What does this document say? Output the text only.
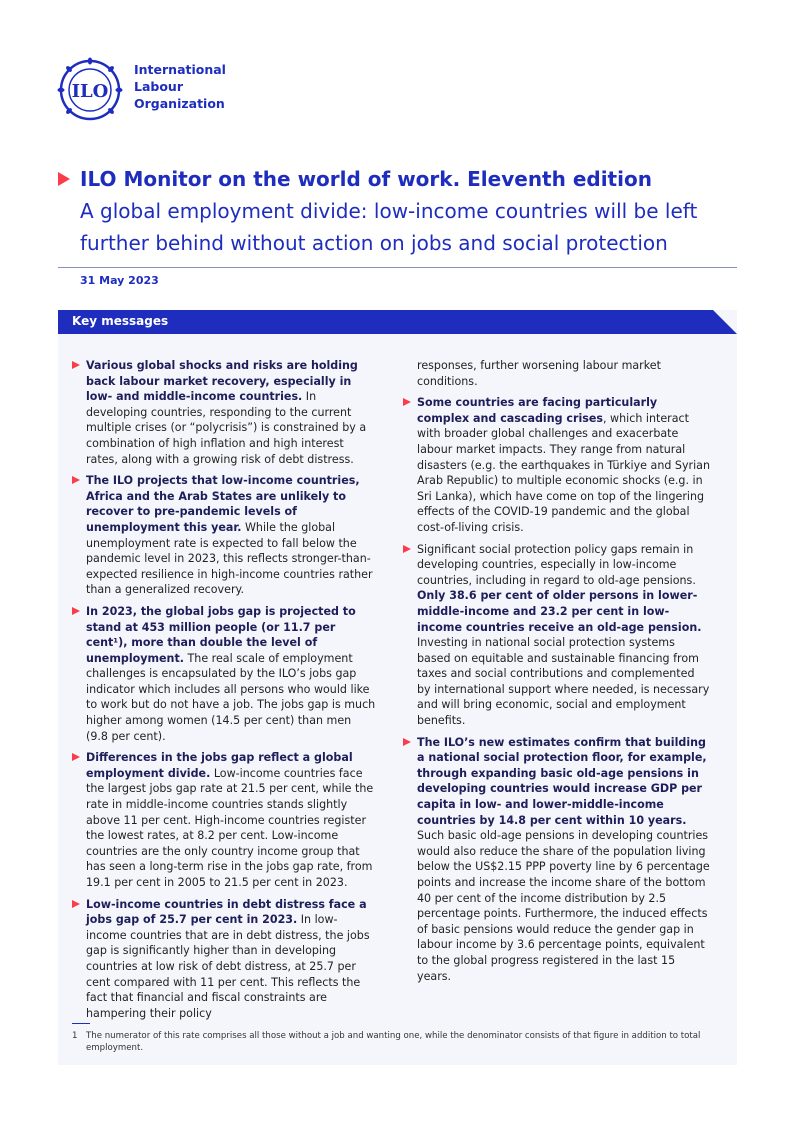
ILO
International
Labour
Organization
ILO Monitor on the world of work. Eleventh edition
A global employment divide: low-income countries will be left
further behind without action on jobs and social protection
31 May 2023
Key messages
Various global shocks and risks are holding back labour market recovery, especially in low- and middle-income countries. In developing countries, responding to the current multiple crises (or “polycrisis”) is constrained by a combination of high inflation and high interest rates, along with a growing risk of debt distress.
The ILO projects that low-income countries, Africa and the Arab States are unlikely to recover to pre-pandemic levels of unemployment this year. While the global unemployment rate is expected to fall below the pandemic level in 2023, this reflects stronger-than-expected resilience in high-income countries rather than a generalized recovery.
In 2023, the global jobs gap is projected to stand at 453 million people (or 11.7 per cent¹), more than double the level of unemployment. The real scale of employment challenges is encapsulated by the ILO’s jobs gap indicator which includes all persons who would like to work but do not have a job. The jobs gap is much higher among women (14.5 per cent) than men (9.8 per cent).
Differences in the jobs gap reflect a global employment divide. Low-income countries face the largest jobs gap rate at 21.5 per cent, while the rate in middle-income countries stands slightly above 11 per cent. High-income countries register the lowest rates, at 8.2 per cent. Low-income countries are the only country income group that has seen a long-term rise in the jobs gap rate, from 19.1 per cent in 2005 to 21.5 per cent in 2023.
Low-income countries in debt distress face a jobs gap of 25.7 per cent in 2023. In low-income countries that are in debt distress, the jobs gap is significantly higher than in developing countries at low risk of debt distress, at 25.7 per cent compared with 11 per cent. This reflects the fact that financial and fiscal constraints are hampering their policy
responses, further worsening labour market conditions.
Some countries are facing particularly complex and cascading crises, which interact with broader global challenges and exacerbate labour market impacts. They range from natural disasters (e.g. the earthquakes in Türkiye and Syrian Arab Republic) to multiple economic shocks (e.g. in Sri Lanka), which have come on top of the lingering effects of the COVID-19 pandemic and the global cost-of-living crisis.
Significant social protection policy gaps remain in developing countries, especially in low-income countries, including in regard to old-age pensions. Only 38.6 per cent of older persons in lower-middle-income and 23.2 per cent in low-income countries receive an old-age pension. Investing in national social protection systems based on equitable and sustainable financing from taxes and social contributions and complemented by international support where needed, is necessary and will bring economic, social and employment benefits.
The ILO’s new estimates confirm that building a national social protection floor, for example, through expanding basic old-age pensions in developing countries would increase GDP per capita in low- and lower-middle-income countries by 14.8 per cent within 10 years. Such basic old-age pensions in developing countries would also reduce the share of the population living below the US$2.15 PPP poverty line by 6 percentage points and increase the income share of the bottom 40 per cent of the income distribution by 2.5 percentage points. Furthermore, the induced effects of basic pensions would reduce the gender gap in labour income by 3.6 percentage points, equivalent to the global progress registered in the last 15 years.
1 The numerator of this rate comprises all those without a job and wanting one, while the denominator consists of that figure in addition to total employment.
